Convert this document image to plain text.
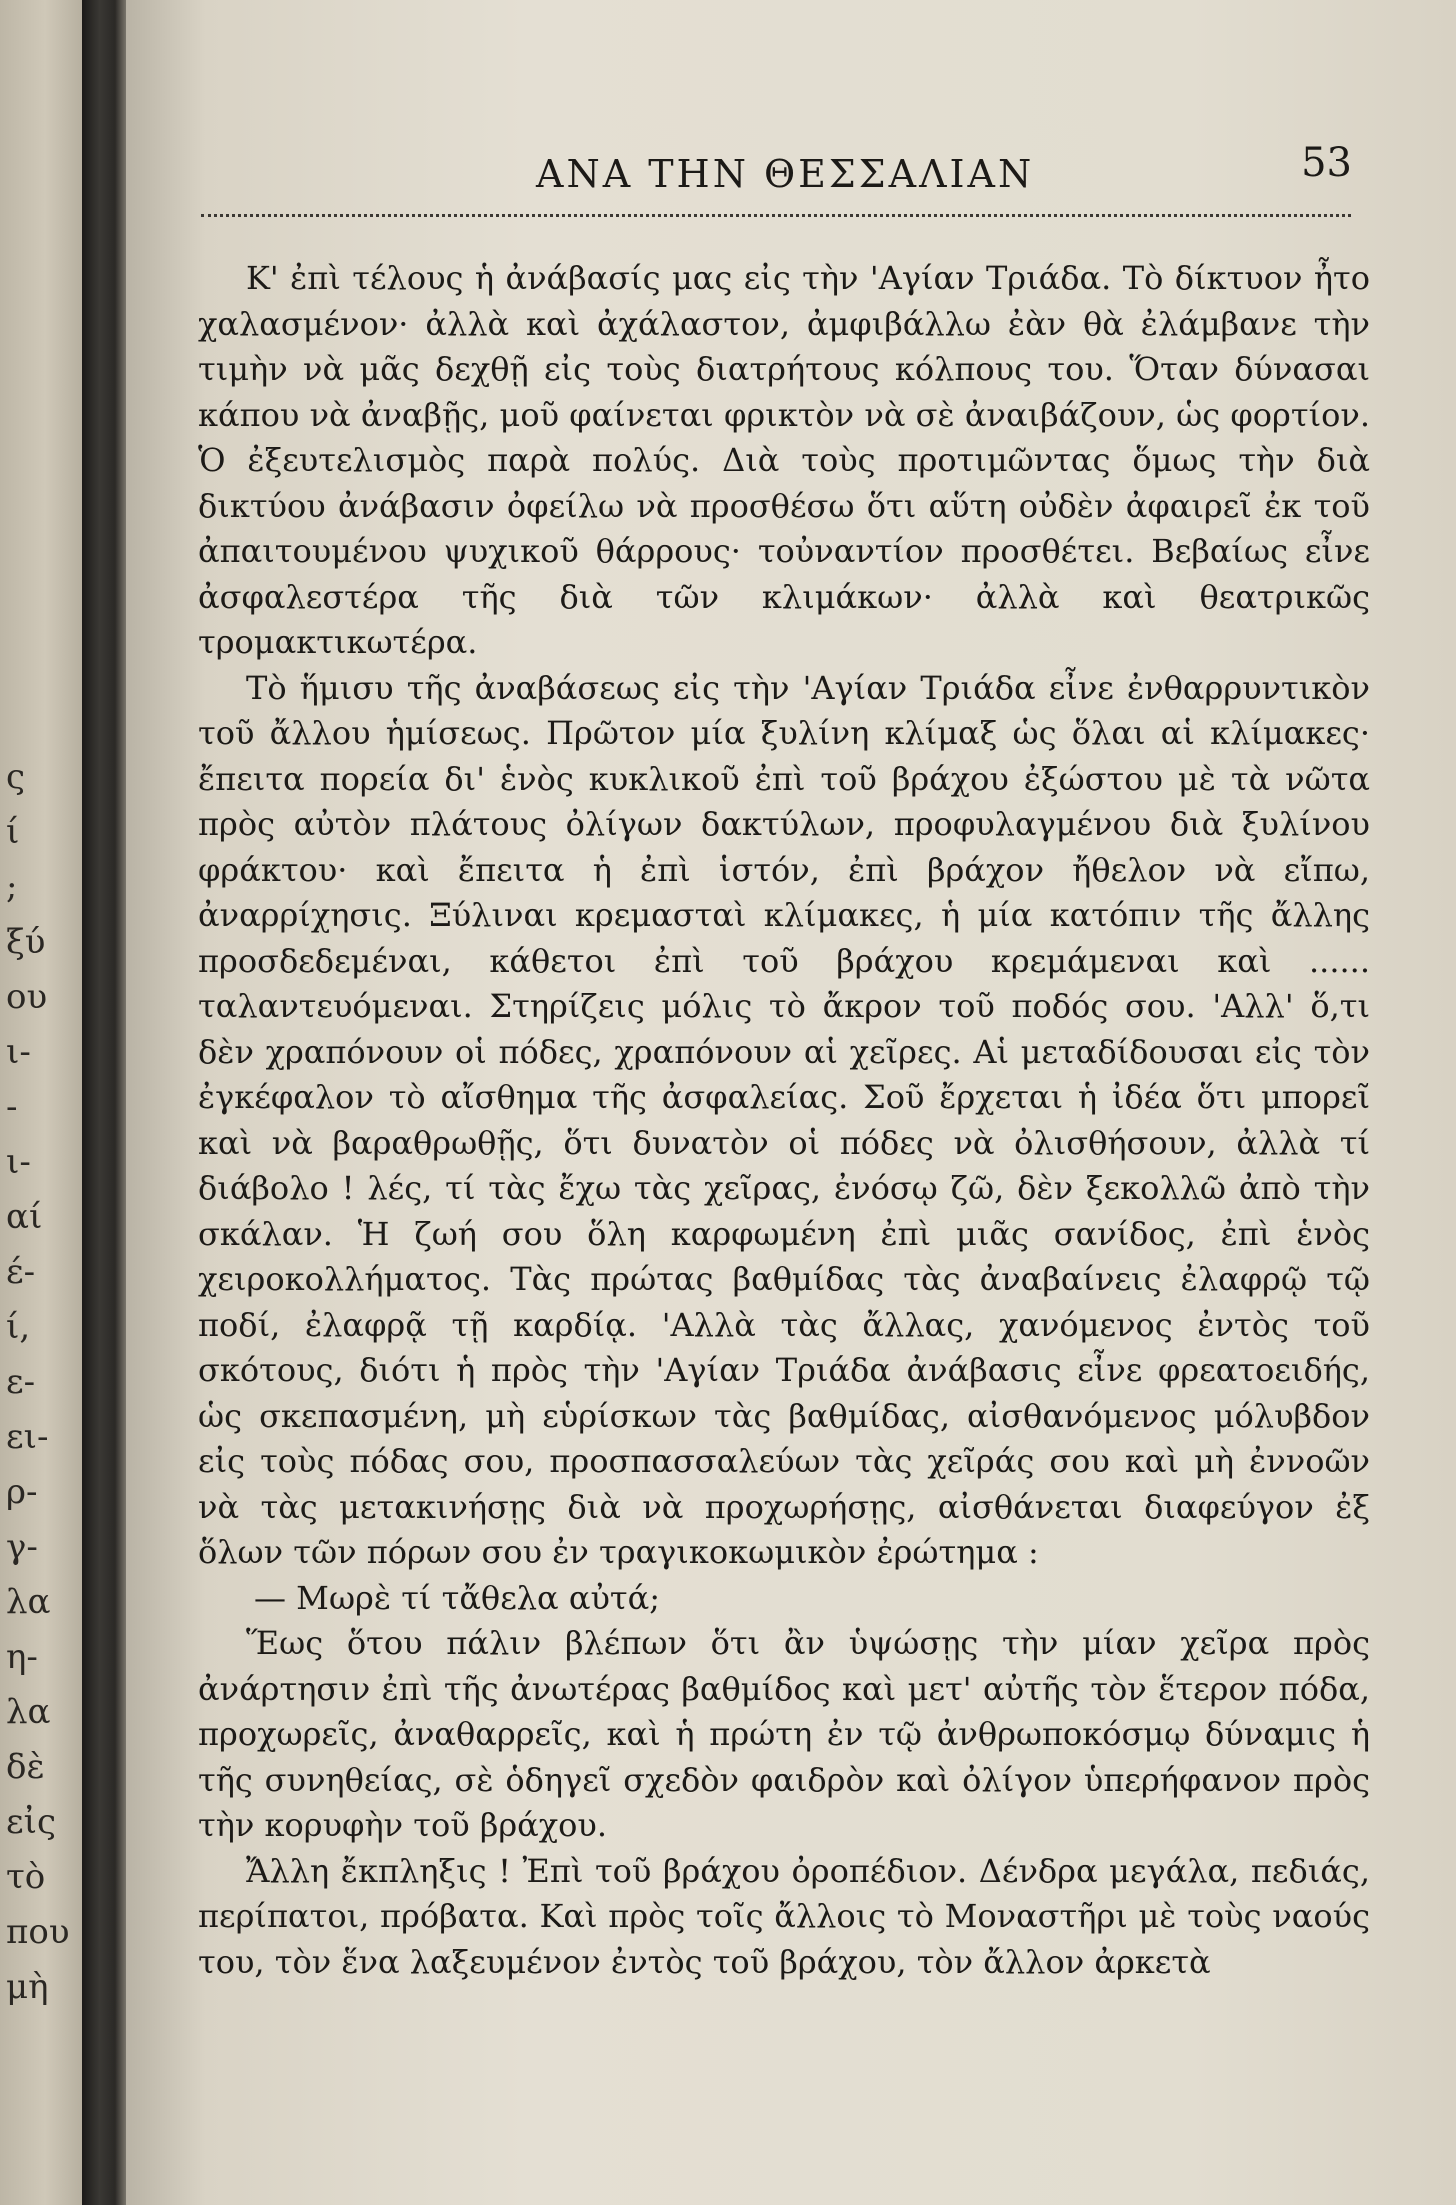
ς
ί
;
ξύ
ου
ι-
-
ι-
αί
έ-
ί,
ε-
ει-
ρ-
γ-
λα
η-
λα
δὲ
εἰς
τὸ
που
μὴ
ΑΝΑ ΤΗΝ ΘΕΣΣΑΛΙΑΝ	53

Κ' ἐπὶ τέλους ἡ ἀνάβασίς μας εἰς τὴν 'Αγίαν Τριάδα. Τὸ δίκτυον ἦτο χαλασμένον· ἀλλὰ καὶ ἀχάλαστον, ἀμφιβάλλω ἐὰν θὰ ἐλάμβανε τὴν τιμὴν νὰ μᾶς δεχθῇ εἰς τοὺς διατρήτους κόλπους του. Ὅταν δύνασαι κάπου νὰ ἀναβῇς, μοῦ φαίνεται φρικτὸν νὰ σὲ ἀναιβάζουν, ὡς φορτίον. Ὁ ἐξευτελισμὸς παρὰ πολύς. Διὰ τοὺς προτιμῶντας ὅμως τὴν διὰ δικτύου ἀνάβασιν ὀφείλω νὰ προσθέσω ὅτι αὕτη οὐδὲν ἀφαιρεῖ ἐκ τοῦ ἀπαιτουμένου ψυχικοῦ θάρρους· τοὐναντίον προσθέτει. Βεβαίως εἶνε ἀσφαλεστέρα τῆς διὰ τῶν κλιμάκων· ἀλλὰ καὶ θεατρικῶς τρομακτικωτέρα.

Τὸ ἥμισυ τῆς ἀναβάσεως εἰς τὴν 'Αγίαν Τριάδα εἶνε ἐνθαρρυντικὸν τοῦ ἄλλου ἡμίσεως. Πρῶτον μία ξυλίνη κλίμαξ ὡς ὅλαι αἱ κλίμακες· ἔπειτα πορεία δι' ἑνὸς κυκλικοῦ ἐπὶ τοῦ βράχου ἐξώστου μὲ τὰ νῶτα πρὸς αὐτὸν πλάτους ὀλίγων δακτύλων, προφυλαγμένου διὰ ξυλίνου φράκτου· καὶ ἔπειτα ἡ ἐπὶ ἱστόν, ἐπὶ βράχον ἤθελον νὰ εἴπω, ἀναρρίχησις. Ξύλιναι κρεμασταὶ κλίμακες, ἡ μία κατόπιν τῆς ἄλλης προσδεδεμέναι, κάθετοι ἐπὶ τοῦ βράχου κρεμάμεναι καὶ ...... ταλαντευόμεναι. Στηρίζεις μόλις τὸ ἄκρον τοῦ ποδός σου. 'Αλλ' ὅ,τι δὲν χραπόνουν οἱ πόδες, χραπόνουν αἱ χεῖρες. Αἱ μεταδίδουσαι εἰς τὸν ἐγκέφαλον τὸ αἴσθημα τῆς ἀσφαλείας. Σοῦ ἔρχεται ἡ ἰδέα ὅτι μπορεῖ καὶ νὰ βαραθρωθῇς, ὅτι δυνατὸν οἱ πόδες νὰ ὀλισθήσουν, ἀλλὰ τί διάβολο ! λές, τί τὰς ἔχω τὰς χεῖρας, ἐνόσῳ ζῶ, δὲν ξεκολλῶ ἀπὸ τὴν σκάλαν. Ἡ ζωή σου ὅλη καρφωμένη ἐπὶ μιᾶς σανίδος, ἐπὶ ἑνὸς χειροκολλήματος. Τὰς πρώτας βαθμίδας τὰς ἀναβαίνεις ἐλαφρῷ τῷ ποδί, ἐλαφρᾷ τῇ καρδίᾳ. 'Αλλὰ τὰς ἄλλας, χανόμενος ἐντὸς τοῦ σκότους, διότι ἡ πρὸς τὴν 'Αγίαν Τριάδα ἀνάβασις εἶνε φρεατοειδής, ὡς σκεπασμένη, μὴ εὑρίσκων τὰς βαθμίδας, αἰσθανόμενος μόλυβδον εἰς τοὺς πόδας σου, προσπασσαλεύων τὰς χεῖράς σου καὶ μὴ ἐννοῶν νὰ τὰς μετακινήσῃς διὰ νὰ προχωρήσῃς, αἰσθάνεται διαφεύγον ἐξ ὅλων τῶν πόρων σου ἐν τραγικοκωμικὸν ἐρώτημα :

— Μωρὲ τί τἄθελα αὐτά;

Ἕως ὅτου πάλιν βλέπων ὅτι ἂν ὑψώσῃς τὴν μίαν χεῖρα πρὸς ἀνάρτησιν ἐπὶ τῆς ἀνωτέρας βαθμίδος καὶ μετ' αὐτῆς τὸν ἕτερον πόδα, προχωρεῖς, ἀναθαρρεῖς, καὶ ἡ πρώτη ἐν τῷ ἀνθρωποκόσμῳ δύναμις ἡ τῆς συνηθείας, σὲ ὁδηγεῖ σχεδὸν φαιδρὸν καὶ ὀλίγον ὑπερήφανον πρὸς τὴν κορυφὴν τοῦ βράχου.

Ἄλλη ἔκπληξις ! Ἐπὶ τοῦ βράχου ὀροπέδιον. Δένδρα μεγάλα, πεδιάς, περίπατοι, πρόβατα. Καὶ πρὸς τοῖς ἄλλοις τὸ Μοναστῆρι μὲ τοὺς ναούς του, τὸν ἕνα λαξευμένον ἐντὸς τοῦ βράχου, τὸν ἄλλον ἀρκετὰ
